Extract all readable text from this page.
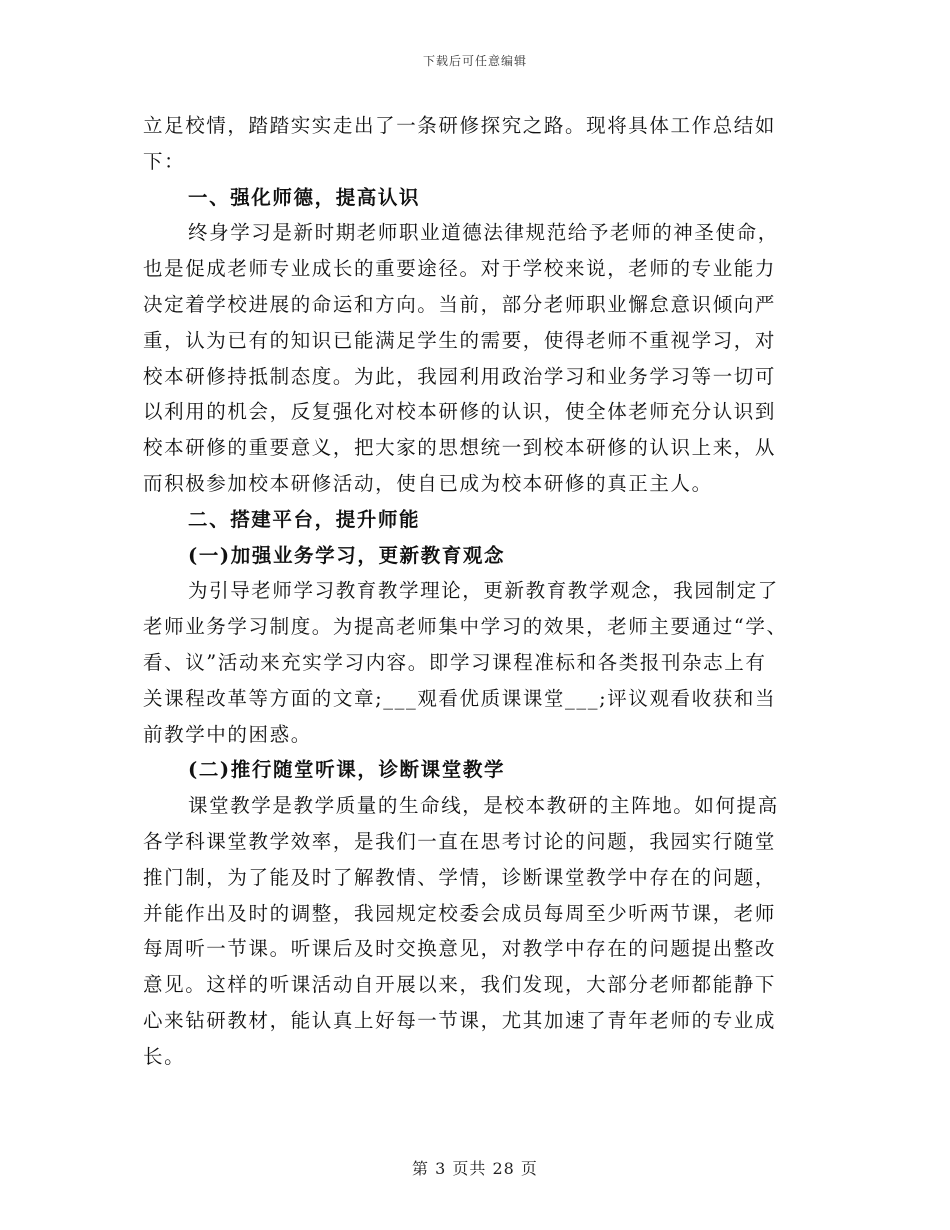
下载后可任意编辑
立足校情，踏踏实实走出了一条研修探究之路。现将具体工作总结如
下：
一、强化师德，提高认识
终身学习是新时期老师职业道德法律规范给予老师的神圣使命，
也是促成老师专业成长的重要途径。对于学校来说，老师的专业能力
决定着学校进展的命运和方向。当前，部分老师职业懈怠意识倾向严
重，认为已有的知识已能满足学生的需要，使得老师不重视学习，对
校本研修持抵制态度。为此，我园利用政治学习和业务学习等一切可
以利用的机会，反复强化对校本研修的认识，使全体老师充分认识到
校本研修的重要意义，把大家的思想统一到校本研修的认识上来，从
而积极参加校本研修活动，使自已成为校本研修的真正主人。
二、搭建平台，提升师能
(一)加强业务学习，更新教育观念
为引导老师学习教育教学理论，更新教育教学观念，我园制定了
老师业务学习制度。为提高老师集中学习的效果，老师主要通过“学、
看、议”活动来充实学习内容。即学习课程准标和各类报刊杂志上有
关课程改革等方面的文章;___观看优质课课堂___;评议观看收获和当
前教学中的困惑。
(二)推行随堂听课，诊断课堂教学
课堂教学是教学质量的生命线，是校本教研的主阵地。如何提高
各学科课堂教学效率，是我们一直在思考讨论的问题，我园实行随堂
推门制，为了能及时了解教情、学情，诊断课堂教学中存在的问题，
并能作出及时的调整，我园规定校委会成员每周至少听两节课，老师
每周听一节课。听课后及时交换意见，对教学中存在的问题提出整改
意见。这样的听课活动自开展以来，我们发现，大部分老师都能静下
心来钻研教材，能认真上好每一节课，尤其加速了青年老师的专业成
长。
第 3 页共 28 页
